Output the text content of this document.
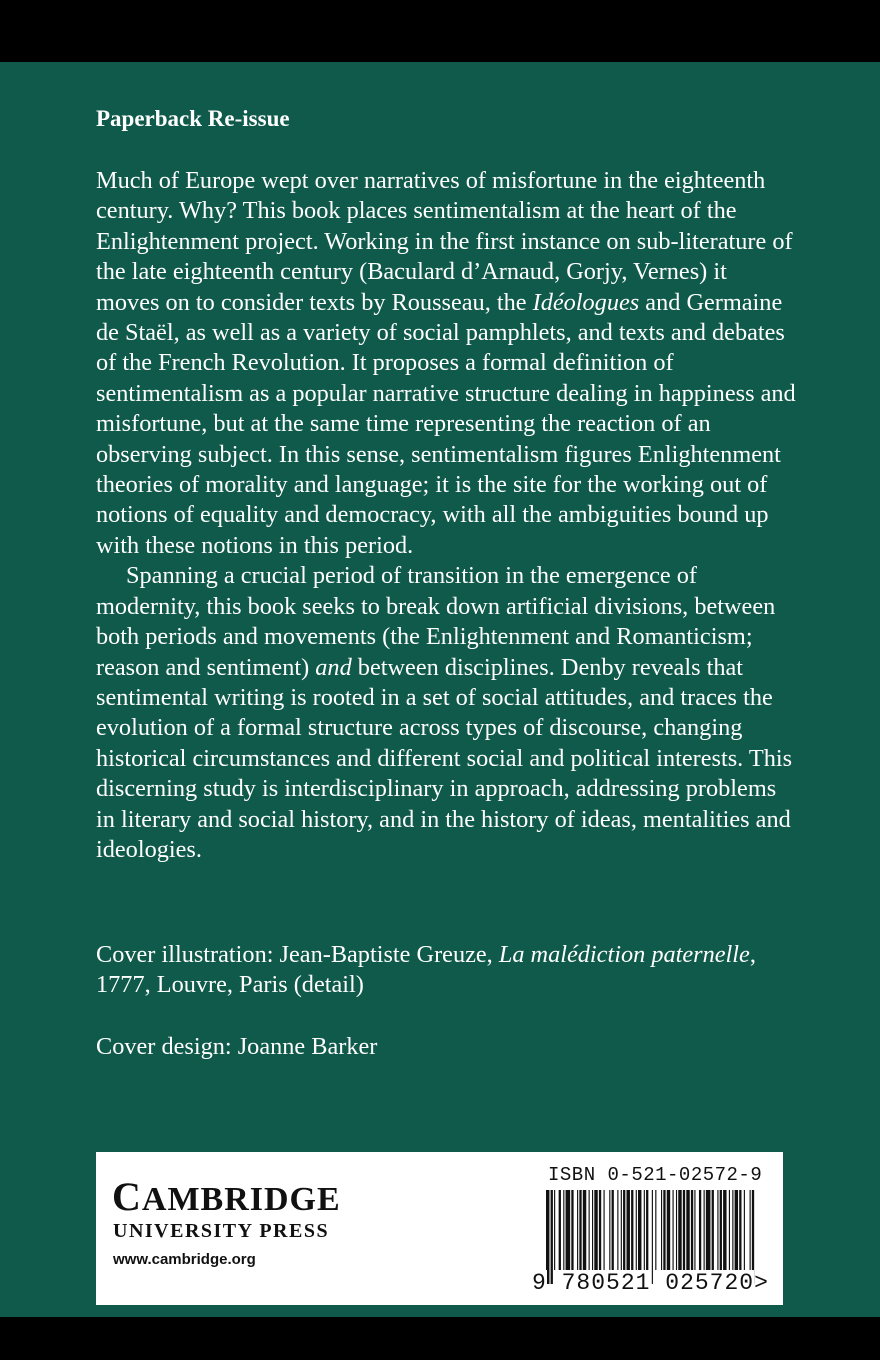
Paperback Re-issue

Much of Europe wept over narratives of misfortune in the eighteenth century. Why? This book places sentimentalism at the heart of the Enlightenment project. Working in the first instance on sub-literature of the late eighteenth century (Baculard d’Arnaud, Gorjy, Vernes) it moves on to consider texts by Rousseau, the Idéologues and Germaine de Staël, as well as a variety of social pamphlets, and texts and debates of the French Revolution. It proposes a formal definition of sentimentalism as a popular narrative structure dealing in happiness and misfortune, but at the same time representing the reaction of an observing subject. In this sense, sentimentalism figures Enlightenment theories of morality and language; it is the site for the working out of notions of equality and democracy, with all the ambiguities bound up with these notions in this period.

Spanning a crucial period of transition in the emergence of modernity, this book seeks to break down artificial divisions, between both periods and movements (the Enlightenment and Romanticism; reason and sentiment) and between disciplines. Denby reveals that sentimental writing is rooted in a set of social attitudes, and traces the evolution of a formal structure across types of discourse, changing historical circumstances and different social and political interests. This discerning study is interdisciplinary in approach, addressing problems in literary and social history, and in the history of ideas, mentalities and ideologies.

Cover illustration: Jean-Baptiste Greuze, La malédiction paternelle,
1777, Louvre, Paris (detail)

Cover design: Joanne Barker

CAMBRIDGE

UNIVERSITY PRESS

www.cambridge.org

ISBN 0-521-02572-9

9 780521 025720>
